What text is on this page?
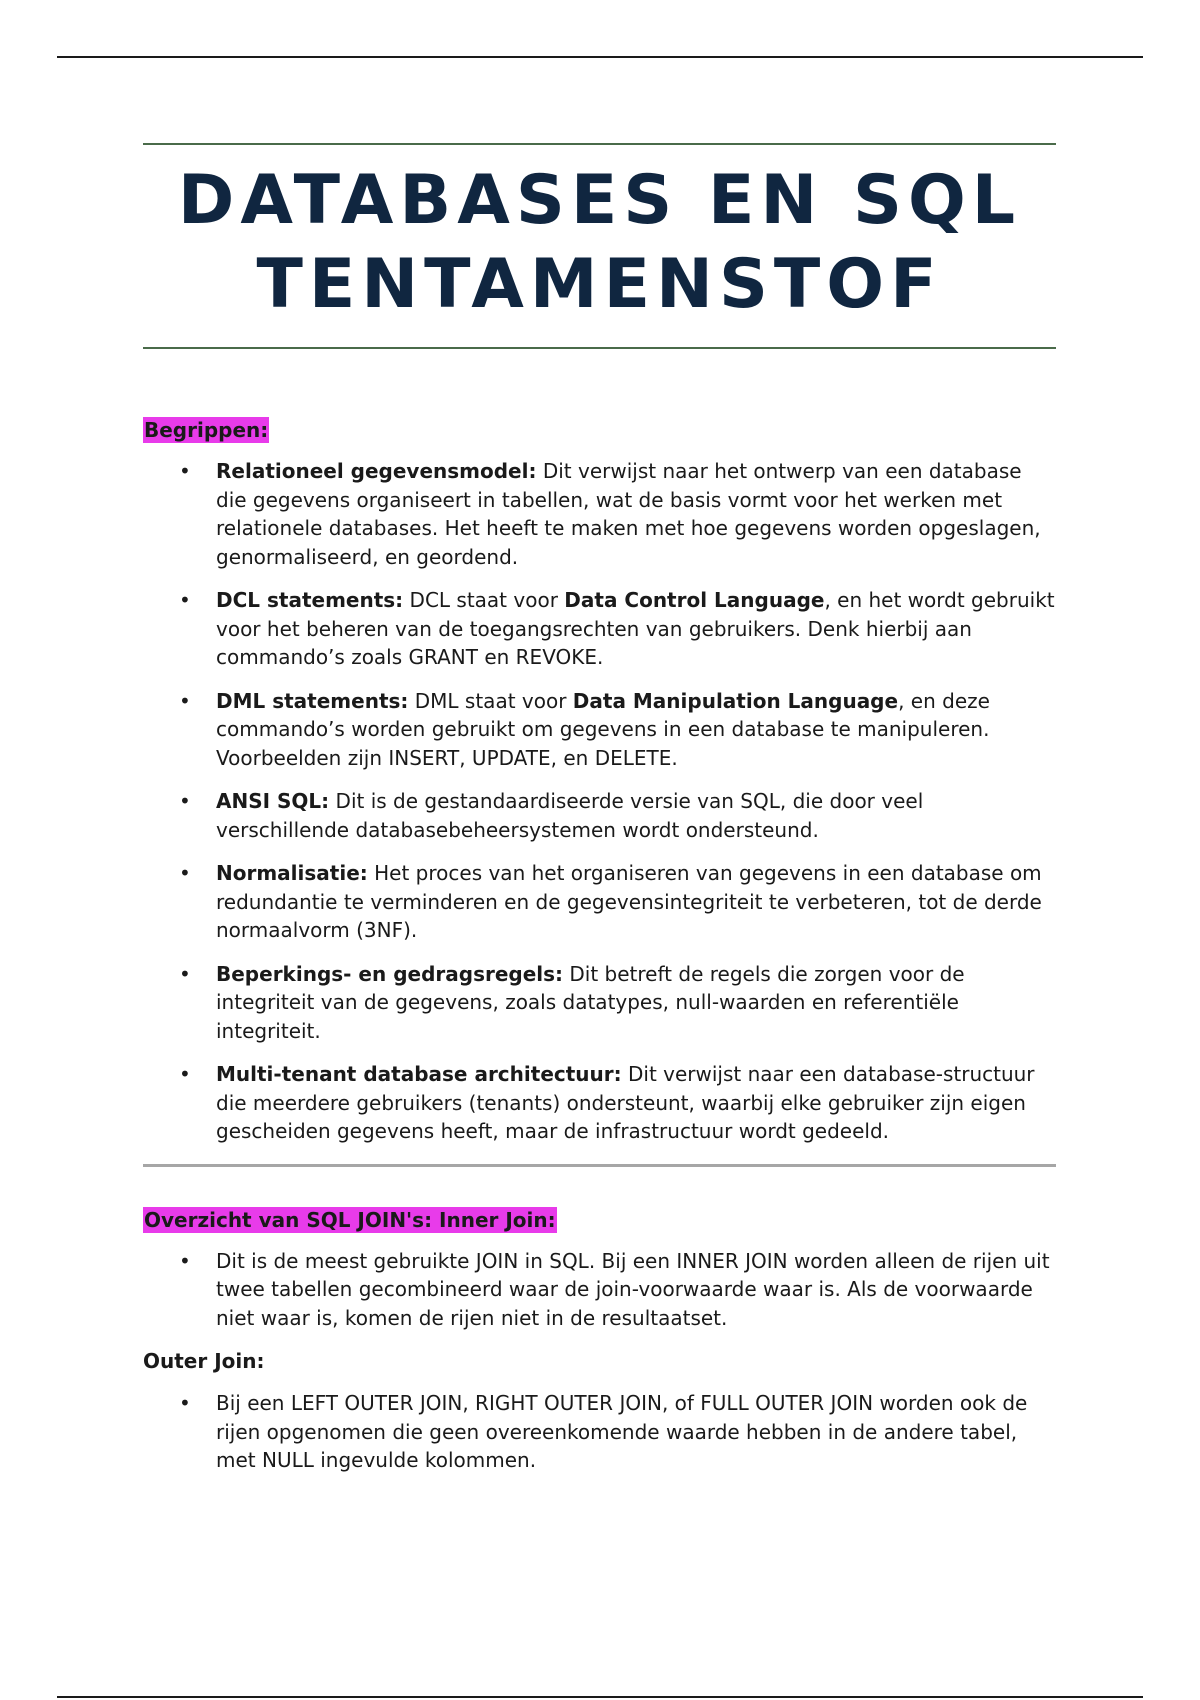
DATABASES EN SQL
TENTAMENSTOF
Begrippen:
• Relationeel gegevensmodel: Dit verwijst naar het ontwerp van een database die gegevens organiseert in tabellen, wat de basis vormt voor het werken met relationele databases. Het heeft te maken met hoe gegevens worden opgeslagen, genormaliseerd, en geordend.
• DCL statements: DCL staat voor Data Control Language, en het wordt gebruikt voor het beheren van de toegangsrechten van gebruikers. Denk hierbij aan commando’s zoals GRANT en REVOKE.
• DML statements: DML staat voor Data Manipulation Language, en deze commando’s worden gebruikt om gegevens in een database te manipuleren. Voorbeelden zijn INSERT, UPDATE, en DELETE.
• ANSI SQL: Dit is de gestandaardiseerde versie van SQL, die door veel verschillende databasebeheersystemen wordt ondersteund.
• Normalisatie: Het proces van het organiseren van gegevens in een database om redundantie te verminderen en de gegevensintegriteit te verbeteren, tot de derde normaalvorm (3NF).
• Beperkings- en gedragsregels: Dit betreft de regels die zorgen voor de integriteit van de gegevens, zoals datatypes, null-waarden en referentiële integriteit.
• Multi-tenant database architectuur: Dit verwijst naar een database-structuur die meerdere gebruikers (tenants) ondersteunt, waarbij elke gebruiker zijn eigen gescheiden gegevens heeft, maar de infrastructuur wordt gedeeld.
Overzicht van SQL JOIN's: Inner Join:
• Dit is de meest gebruikte JOIN in SQL. Bij een INNER JOIN worden alleen de rijen uit twee tabellen gecombineerd waar de join-voorwaarde waar is. Als de voorwaarde niet waar is, komen de rijen niet in de resultaatset.
Outer Join:
• Bij een LEFT OUTER JOIN, RIGHT OUTER JOIN, of FULL OUTER JOIN worden ook de rijen opgenomen die geen overeenkomende waarde hebben in de andere tabel, met NULL ingevulde kolommen.
